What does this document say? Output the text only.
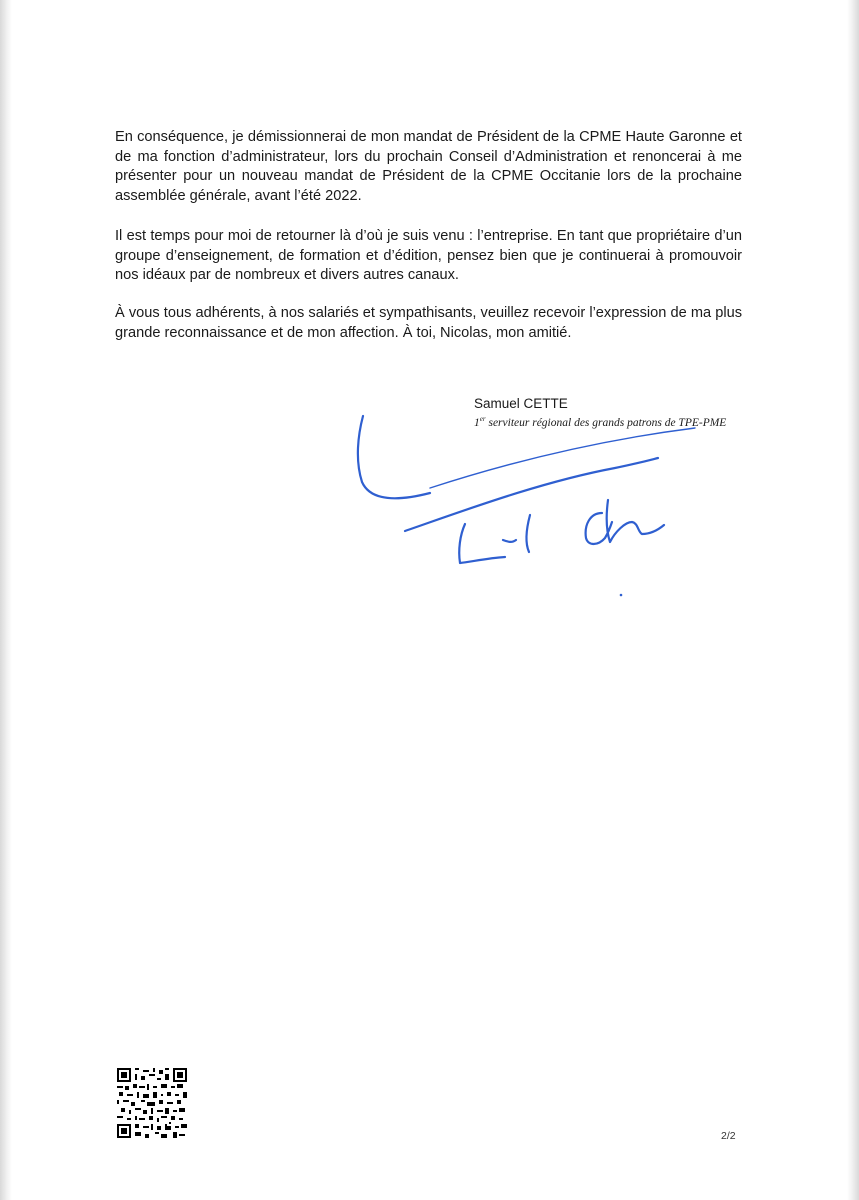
En conséquence, je démissionnerai de mon mandat de Président de la CPME Haute Garonne et de ma fonction d’administrateur, lors du prochain Conseil d’Administration et renoncerai à me présenter pour un nouveau mandat de Président de la CPME Occitanie lors de la prochaine assemblée générale, avant l’été 2022.

Il est temps pour moi de retourner là d’où je suis venu : l’entreprise. En tant que propriétaire d’un groupe d’enseignement, de formation et d’édition, pensez bien que je continuerai à promouvoir nos idéaux par de nombreux et divers autres canaux.

À vous tous adhérents, à nos salariés et sympathisants, veuillez recevoir l’expression de ma plus grande reconnaissance et de mon affection. À toi, Nicolas, mon amitié.

Samuel CETTE

1er serviteur régional des grands patrons de TPE-PME

2/2
